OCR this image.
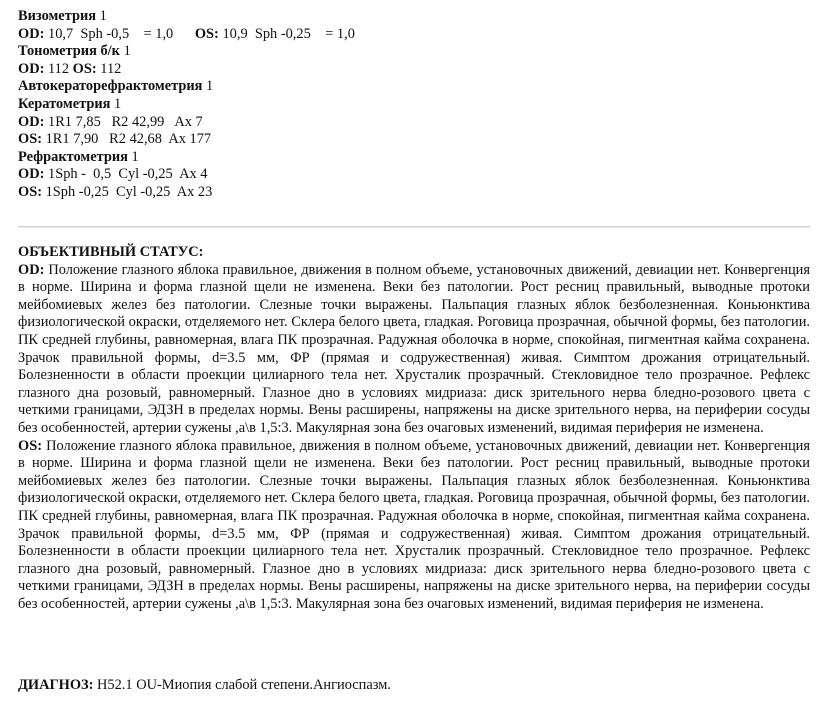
Визометрия 1
OD: 10,7  Sph -0,5    = 1,0 OS: 10,9  Sph -0,25    = 1,0
Тонометрия б/к 1
OD: 112 OS: 112
Автокераторефрактометрия 1
Кератометрия 1
OD: 1R1 7,85   R2 42,99   Ax 7
OS: 1R1 7,90   R2 42,68  Ax 177
Рефрактометрия 1
OD: 1Sph -  0,5  Cyl -0,25  Ax 4
OS: 1Sph -0,25  Cyl -0,25  Ax 23
ОБЪЕКТИВНЫЙ СТАТУС:
OD: Положение глазного яблока правильное, движения в полном объеме, установочных движений, девиации нет. Конвергенция в норме. Ширина и форма глазной щели не изменена. Веки без патологии. Рост ресниц правильный, выводные протоки мейбомиевых желез без патологии. Слезные точки выражены. Пальпация глазных яблок безболезненная. Коньюнктива физиологической окраски, отделяемого нет. Склера белого цвета, гладкая. Роговица прозрачная, обычной формы, без патологии. ПК средней глубины, равномерная, влага ПК прозрачная. Радужная оболочка в норме, спокойная, пигментная кайма сохранена. Зрачок правильной формы, d=3.5 мм, ФР (прямая и содружественная) живая. Симптом дрожания отрицательный. Болезненности в области проекции цилиарного тела нет. Хрусталик прозрачный. Стекловидное тело прозрачное. Рефлекс глазного дна розовый, равномерный. Глазное дно в условиях мидриаза: диск зрительного нерва бледно-розового цвета с четкими границами, ЭДЗН в пределах нормы. Вены расширены, напряжены на диске зрительного нерва, на периферии сосуды без особенностей, артерии сужены ,а\в 1,5:3. Макулярная зона без очаговых изменений, видимая периферия не изменена.
OS: Положение глазного яблока правильное, движения в полном объеме, установочных движений, девиации нет. Конвергенция в норме. Ширина и форма глазной щели не изменена. Веки без патологии. Рост ресниц правильный, выводные протоки мейбомиевых желез без патологии. Слезные точки выражены. Пальпация глазных яблок безболезненная. Коньюнктива физиологической окраски, отделяемого нет. Склера белого цвета, гладкая. Роговица прозрачная, обычной формы, без патологии. ПК средней глубины, равномерная, влага ПК прозрачная. Радужная оболочка в норме, спокойная, пигментная кайма сохранена. Зрачок правильной формы, d=3.5 мм, ФР (прямая и содружественная) живая. Симптом дрожания отрицательный. Болезненности в области проекции цилиарного тела нет. Хрусталик прозрачный. Стекловидное тело прозрачное. Рефлекс глазного дна розовый, равномерный. Глазное дно в условиях мидриаза: диск зрительного нерва бледно-розового цвета с четкими границами, ЭДЗН в пределах нормы. Вены расширены, напряжены на диске зрительного нерва, на периферии сосуды без особенностей, артерии сужены ,а\в 1,5:3. Макулярная зона без очаговых изменений, видимая периферия не изменена.
ДИАГНОЗ: H52.1 OU-Миопия слабой степени.Ангиоспазм.
